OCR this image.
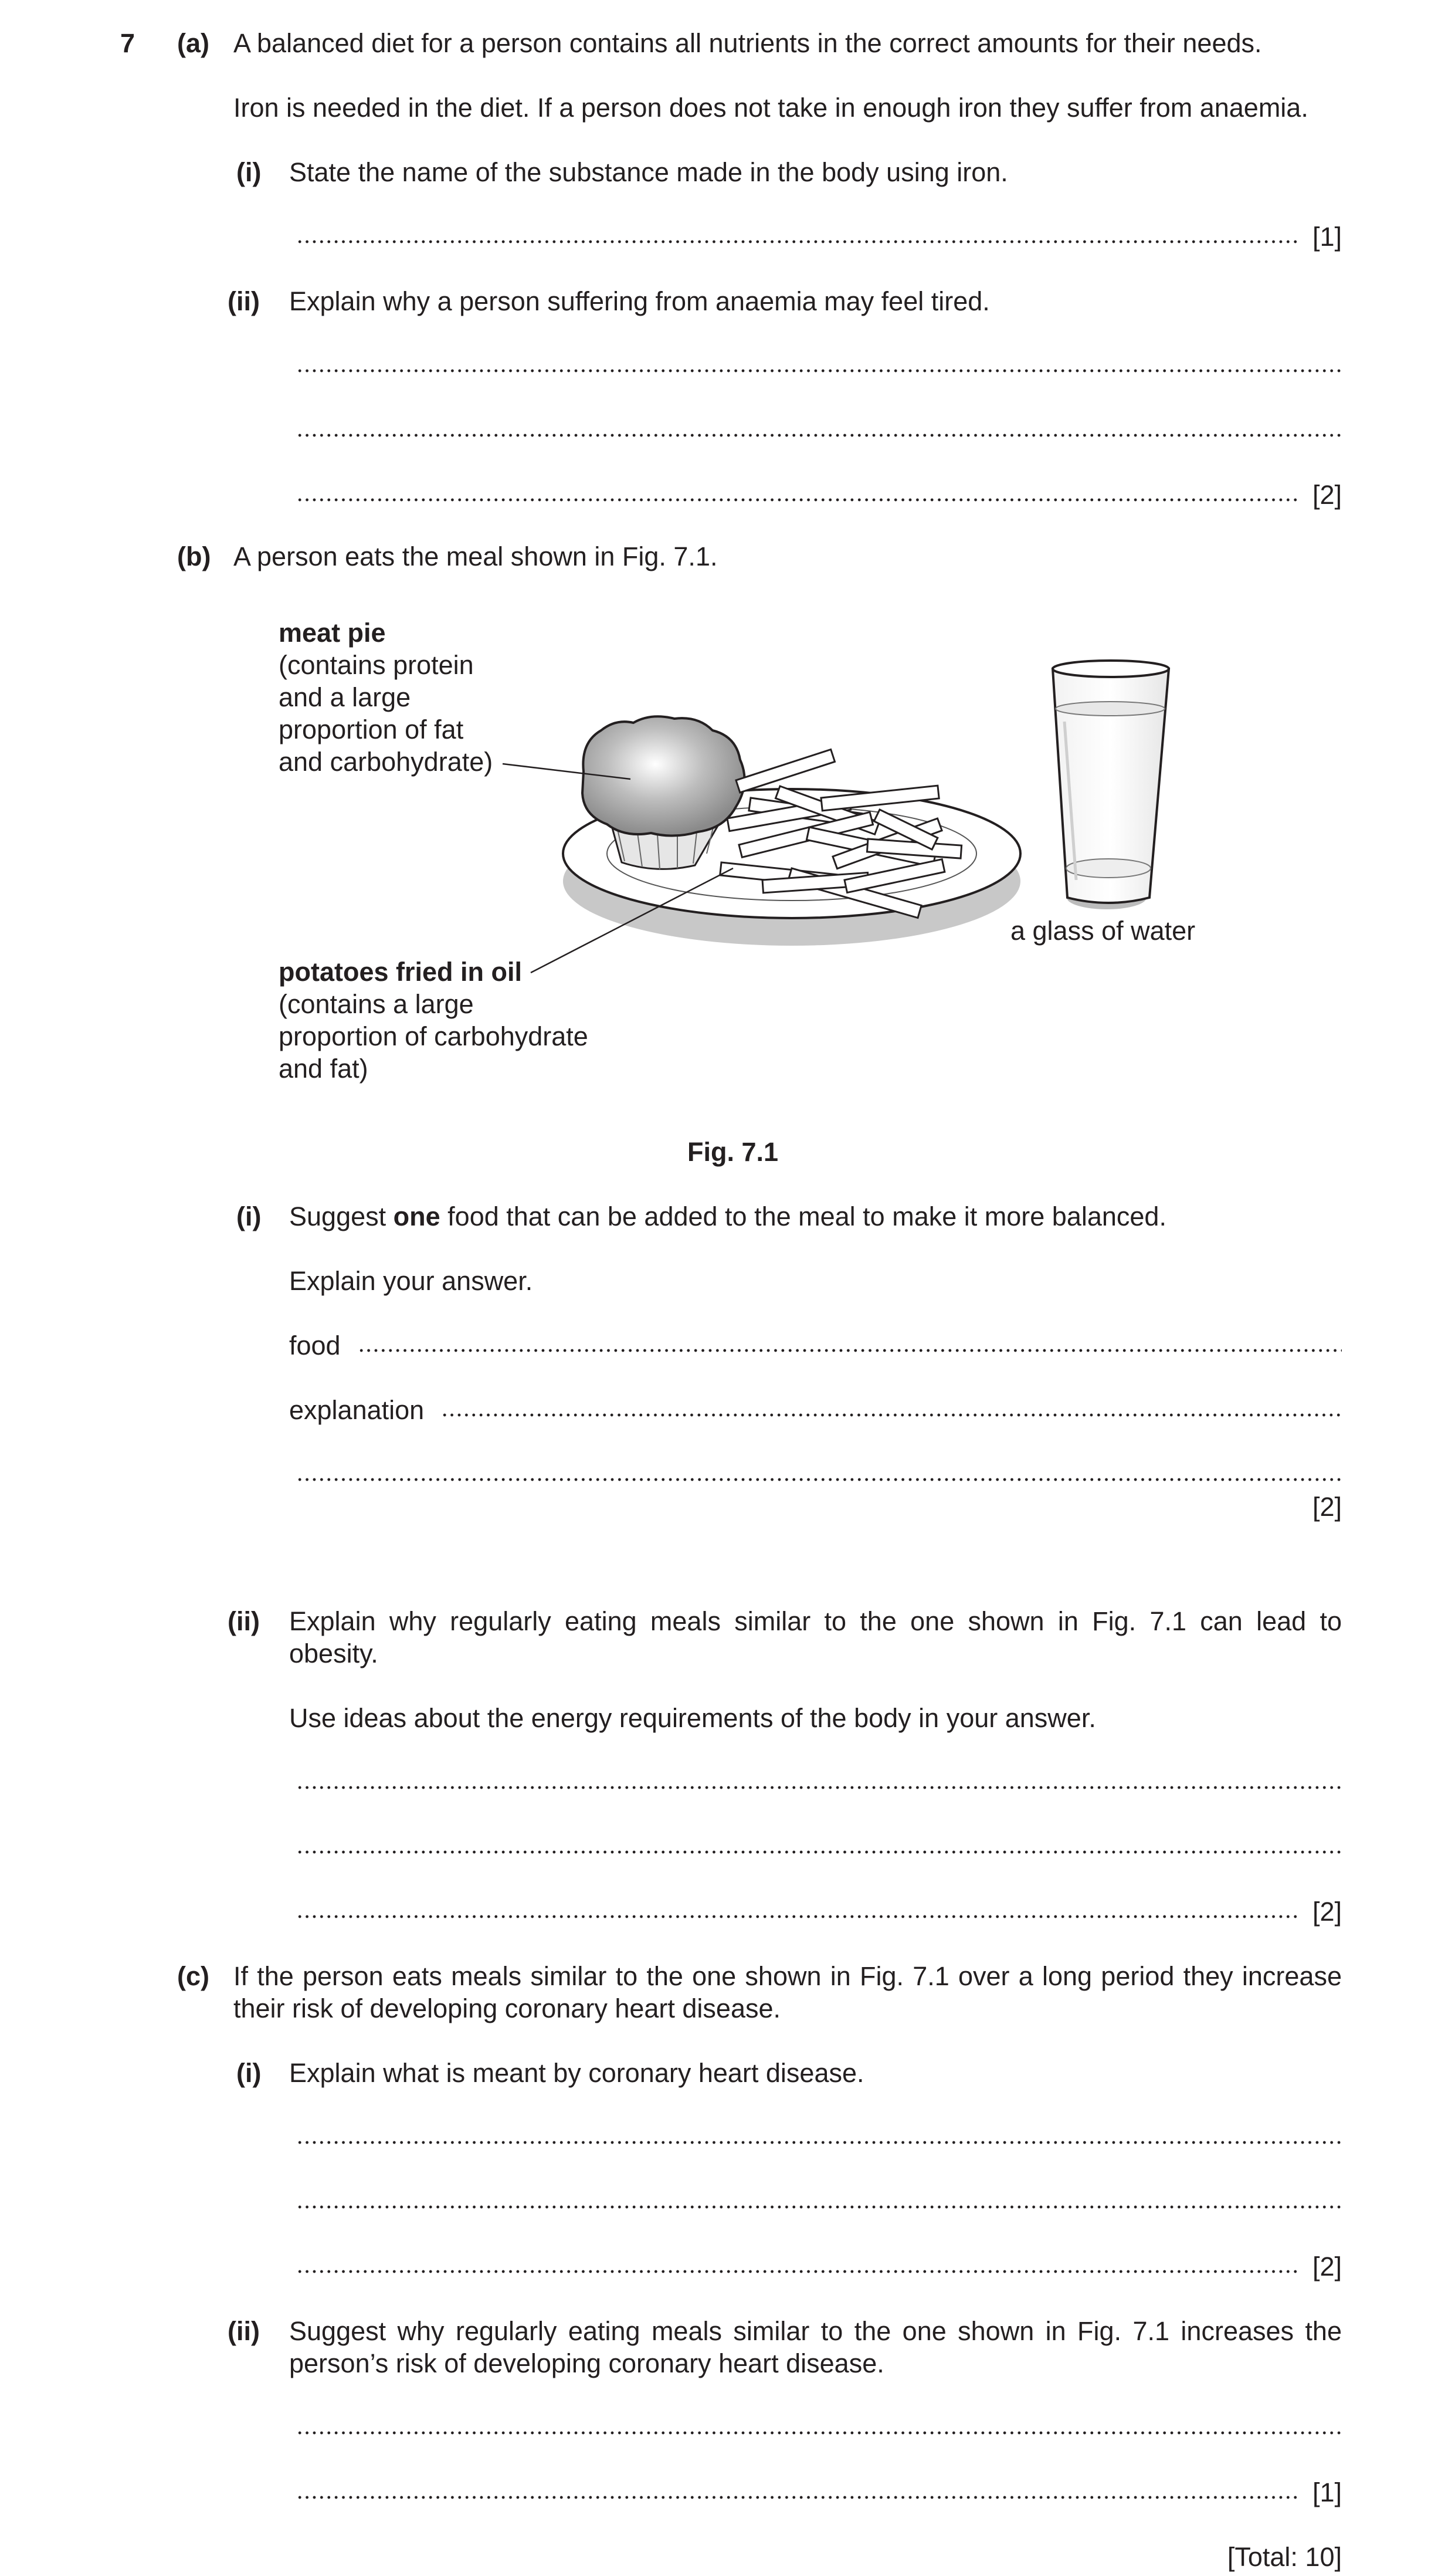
7 (a) A balanced diet for a person contains all nutrients in the correct amounts for their needs.
Iron is needed in the diet. If a person does not take in enough iron they suffer from anaemia.
(i) State the name of the substance made in the body using iron.
[1]
(ii) Explain why a person suffering from anaemia may feel tired.
[2]
(b) A person eats the meal shown in Fig. 7.1.
meat pie
(contains protein
and a large
proportion of fat
and carbohydrate)
potatoes fried in oil
(contains a large
proportion of carbohydrate
and fat)
a glass of water
Fig. 7.1
(i) Suggest one food that can be added to the meal to make it more balanced.
Explain your answer.
food
explanation
[2]
(ii) Explain why regularly eating meals similar to the one shown in Fig. 7.1 can lead to
obesity.
Use ideas about the energy requirements of the body in your answer.
[2]
(c) If the person eats meals similar to the one shown in Fig. 7.1 over a long period they increase
their risk of developing coronary heart disease.
(i) Explain what is meant by coronary heart disease.
[2]
(ii) Suggest why regularly eating meals similar to the one shown in Fig. 7.1 increases the
person’s risk of developing coronary heart disease.
[1]
[Total: 10]
